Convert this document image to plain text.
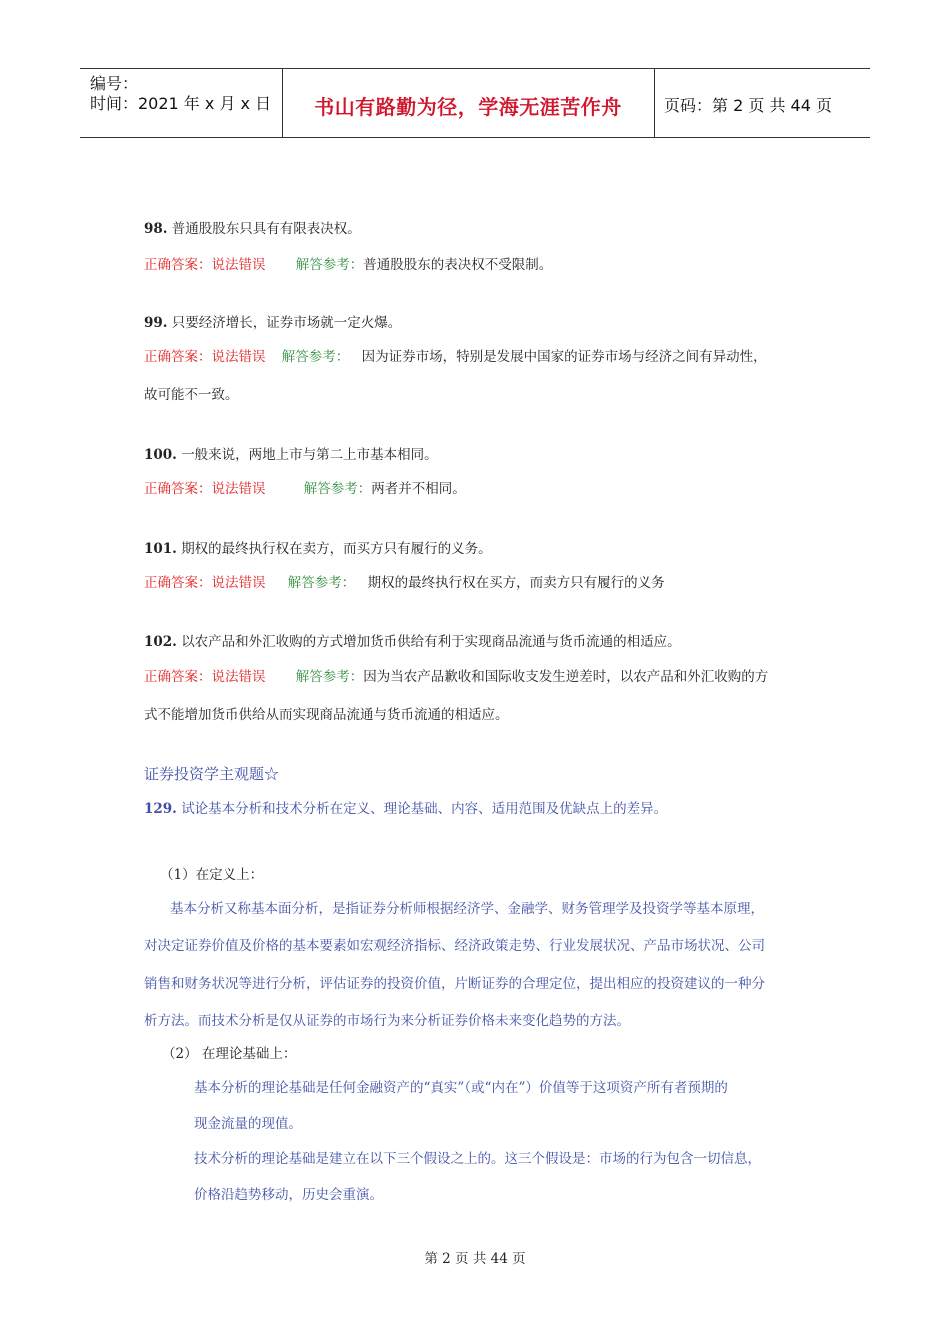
编号：
时间：2021 年 x 月 x 日	书山有路勤为径，学海无涯苦作舟	页码：第 2 页 共 44 页
98. 普通股股东只具有有限表决权。
正确答案：说法错误 解答参考：普通股股东的表决权不受限制。
99. 只要经济增长，证券市场就一定火爆。
正确答案：说法错误 解答参考： 因为证券市场，特别是发展中国家的证券市场与经济之间有异动性，
故可能不一致。
100. 一般来说，两地上市与第二上市基本相同。
正确答案：说法错误	解答参考：两者并不相同。
101. 期权的最终执行权在卖方，而买方只有履行的义务。
正确答案：说法错误 解答参考： 期权的最终执行权在买方，而卖方只有履行的义务
102. 以农产品和外汇收购的方式增加货币供给有利于实现商品流通与货币流通的相适应。
正确答案：说法错误 解答参考：因为当农产品歉收和国际收支发生逆差时，以农产品和外汇收购的方
式不能增加货币供给从而实现商品流通与货币流通的相适应。
证券投资学主观题☆
129. 试论基本分析和技术分析在定义、理论基础、内容、适用范围及优缺点上的差异。
（1）在定义上：
基本分析又称基本面分析，是指证券分析师根据经济学、金融学、财务管理学及投资学等基本原理，
对决定证券价值及价格的基本要素如宏观经济指标、经济政策走势、行业发展状况、产品市场状况、公司
销售和财务状况等进行分析，评估证券的投资价值，片断证券的合理定位，提出相应的投资建议的一种分
析方法。而技术分析是仅从证券的市场行为来分析证券价格未来变化趋势的方法。
（2） 在理论基础上：
基本分析的理论基础是任何金融资产的“真实”（或“内在”）价值等于这项资产所有者预期的
现金流量的现值。
技术分析的理论基础是建立在以下三个假设之上的。这三个假设是：市场的行为包含一切信息，
价格沿趋势移动，历史会重演。
第 2 页 共 44 页
